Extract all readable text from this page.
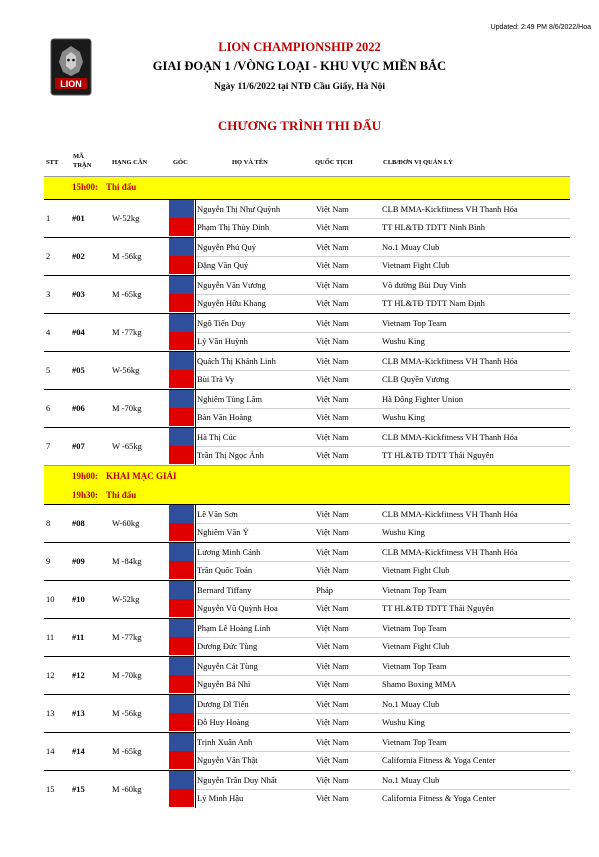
Updated: 2:49 PM 8/6/2022/Hoa
LION
LION CHAMPIONSHIP 2022
GIAI ĐOẠN 1 /VÒNG LOẠI - KHU VỰC MIỀN BẮC
Ngày 11/6/2022 tại NTĐ Cầu Giấy, Hà Nội
CHƯƠNG TRÌNH THI ĐẤU
STT
MÃ
TRẬN	HẠNG CÂN	GÓC	HỌ VÀ TÊN	QUỐC TỊCH	CLB/ĐƠN VỊ QUẢN LÝ
15h00: Thi đấu
1	#01	W-52kg
Nguyễn Thị Như Quỳnh	Việt Nam	CLB MMA-Kickfitness VH Thanh Hóa
Phạm Thị Thùy Dinh	Việt Nam	TT HL&TĐ TDTT Ninh Bình
2	#02	M -56kg
Nguyễn Phú Quý	Việt Nam	No.1 Muay Club
Đặng Văn Quý	Việt Nam	Vietnam Fight Club
3	#03	M -65kg
Nguyễn Văn Vương	Việt Nam	Võ đường Bùi Duy Vinh
Nguyễn Hữu Khang	Việt Nam	TT HL&TĐ TDTT Nam Định
4	#04	M -77kg
Ngô Tiến Duy	Việt Nam	Vietnam Top Team
Lý Văn Huỳnh	Việt Nam	Wushu King
5	#05	W-56kg
Quách Thị Khánh Linh	Việt Nam	CLB MMA-Kickfitness VH Thanh Hóa
Bùi Trà Vy	Việt Nam	CLB Quyền Vương
6	#06	M -70kg
Nghiêm Tùng Lâm	Việt Nam	Hà Đông Fighter Union
Bàn Văn Hoàng	Việt Nam	Wushu King
7	#07	W -65kg
Hà Thị Cúc	Việt Nam	CLB MMA-Kickfitness VH Thanh Hóa
Trần Thị Ngọc Ánh	Việt Nam	TT HL&TĐ TDTT Thái Nguyên
19h00: KHAI MẠC GIẢI
19h30: Thi đấu
8	#08	W-60kg
Lê Văn Sơn	Việt Nam	CLB MMA-Kickfitness VH Thanh Hóa
Nghiêm Văn Ý	Việt Nam	Wushu King
9	#09	M -84kg
Lương Minh Cảnh	Việt Nam	CLB MMA-Kickfitness VH Thanh Hóa
Trần Quốc Toản	Việt Nam	Vietnam Fight Club
10 #10	W-52kg
Bernard Tiffany	Pháp	Vietnam Top Team
Nguyễn Vũ Quỳnh Hoa	Việt Nam	TT HL&TĐ TDTT Thái Nguyên
11 #11	M -77kg
Phạm Lê Hoàng Linh	Việt Nam	Vietnam Top Team
Dương Đức Tùng	Việt Nam	Vietnam Fight Club
12 #12	M -70kg
Nguyễn Cát Tùng	Việt Nam	Vietnam Top Team
Nguyễn Bá Nhì	Việt Nam	Shamo Boxing MMA
13 #13	M -56kg
Dương Dĩ Tiến	Việt Nam	No.1 Muay Club
Đỗ Huy Hoàng	Việt Nam	Wushu King
14 #14	M -65kg
Trịnh Xuân Anh	Việt Nam	Vietnam Top Team
Nguyễn Văn Thật	Việt Nam	California Fitness & Yoga Center
15 #15	M -60kg
Nguyễn Trần Duy Nhất	Việt Nam	No.1 Muay Club
Lý Minh Hậu	Việt Nam	California Fitness & Yoga Center
